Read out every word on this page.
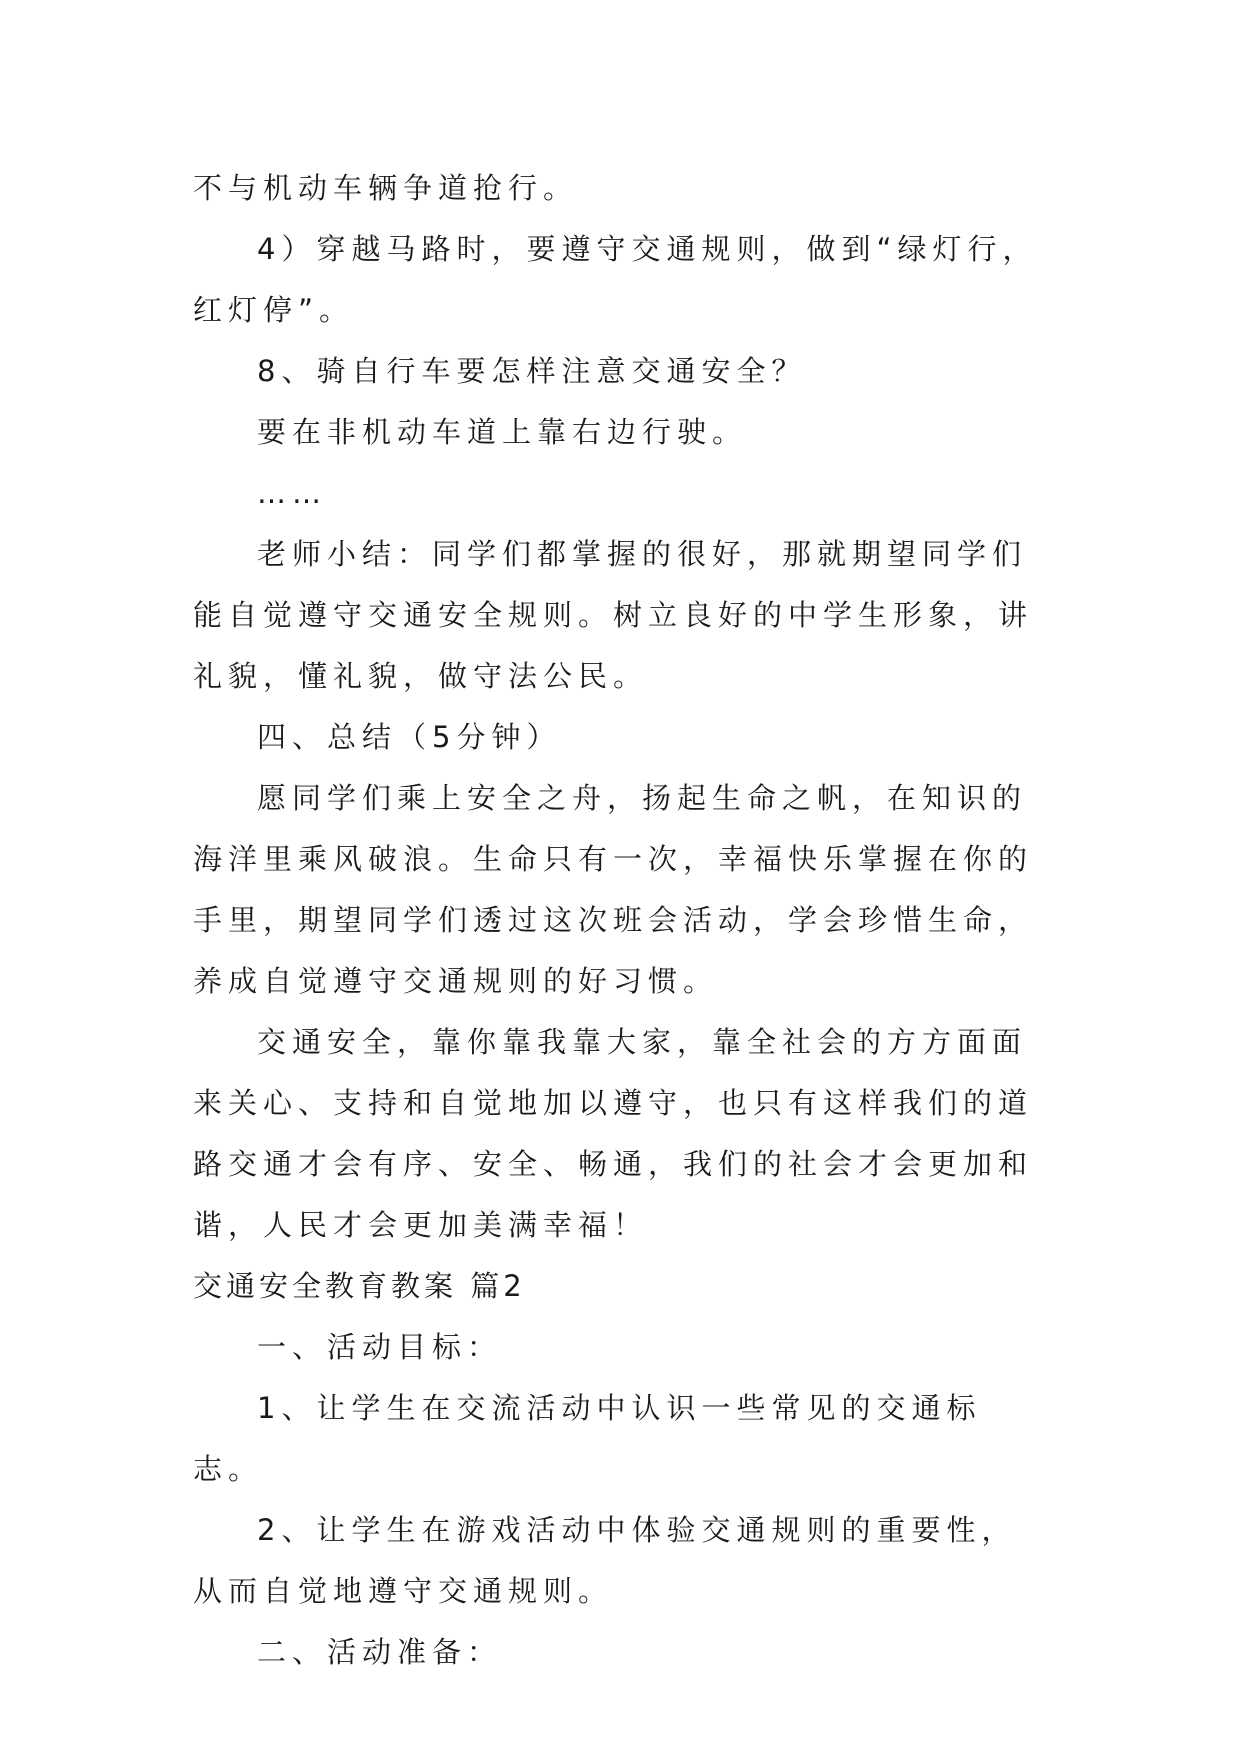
不与机动车辆争道抢行。

4）穿越马路时，要遵守交通规则，做到“绿灯行，红灯停”。

8、骑自行车要怎样注意交通安全？

要在非机动车道上靠右边行驶。

……

老师小结：同学们都掌握的很好，那就期望同学们能自觉遵守交通安全规则。树立良好的中学生形象，讲礼貌，懂礼貌，做守法公民。

四、总结（5分钟）

愿同学们乘上安全之舟，扬起生命之帆，在知识的海洋里乘风破浪。生命只有一次，幸福快乐掌握在你的手里，期望同学们透过这次班会活动，学会珍惜生命，养成自觉遵守交通规则的好习惯。

交通安全，靠你靠我靠大家，靠全社会的方方面面来关心、支持和自觉地加以遵守，也只有这样我们的道路交通才会有序、安全、畅通，我们的社会才会更加和谐，人民才会更加美满幸福！

交通安全教育教案 篇2

一、活动目标：

1、让学生在交流活动中认识一些常见的交通标志。

2、让学生在游戏活动中体验交通规则的重要性，从而自觉地遵守交通规则。

二、活动准备：
